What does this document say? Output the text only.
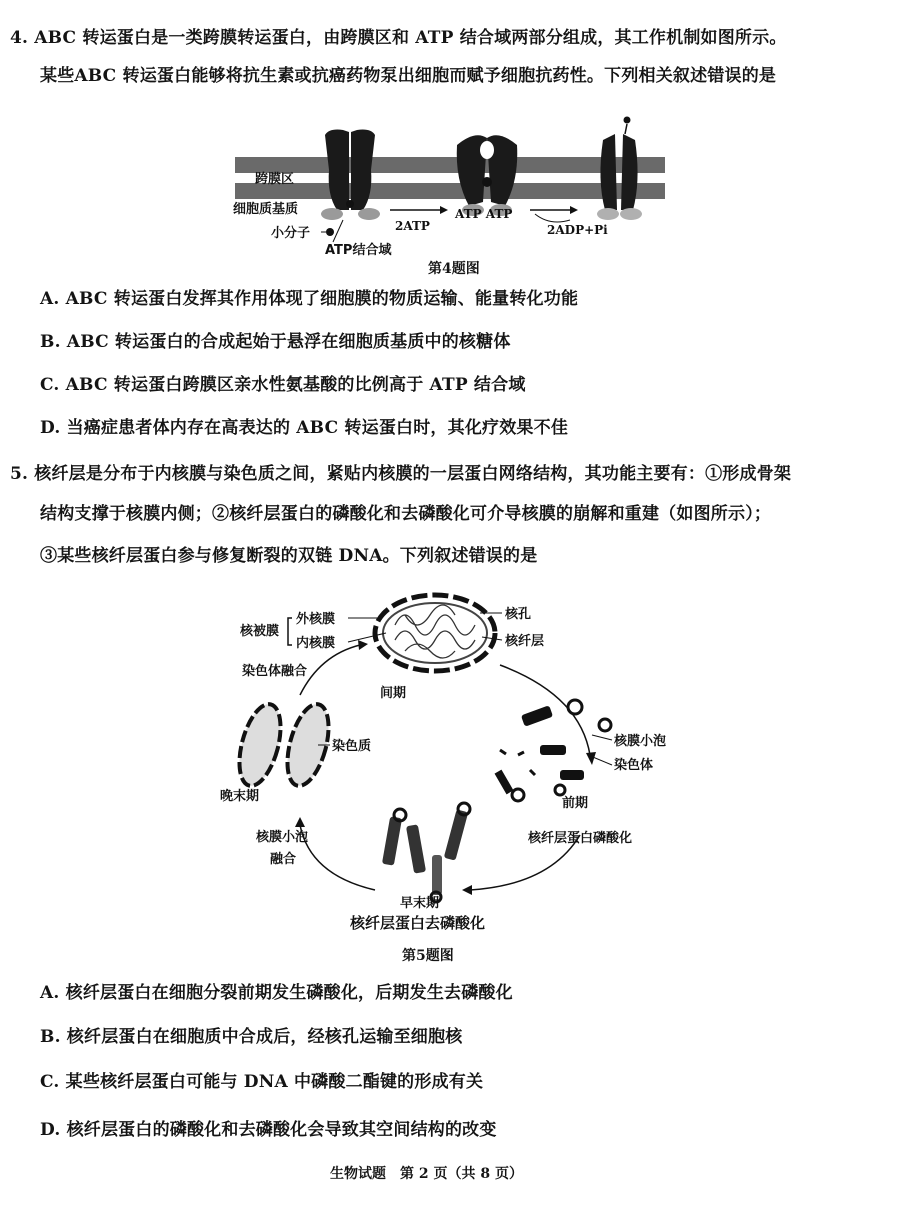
4. ABC 转运蛋白是一类跨膜转运蛋白，由跨膜区和 ATP 结合域两部分组成，其工作机制如图所示。
某些ABC 转运蛋白能够将抗生素或抗癌药物泵出细胞而赋予细胞抗药性。下列相关叙述错误的是
跨膜区
细胞质基质
小分子	2ATP
ATP ATP
2ADP+Pi
ATP结合域
第4题图
A. ABC 转运蛋白发挥其作用体现了细胞膜的物质运输、能量转化功能
B. ABC 转运蛋白的合成起始于悬浮在细胞质基质中的核糖体
C. ABC 转运蛋白跨膜区亲水性氨基酸的比例高于 ATP 结合域
D. 当癌症患者体内存在高表达的 ABC 转运蛋白时，其化疗效果不佳
5. 核纤层是分布于内核膜与染色质之间，紧贴内核膜的一层蛋白网络结构，其功能主要有：①形成骨架
结构支撑于核膜内侧；②核纤层蛋白的磷酸化和去磷酸化可介导核膜的崩解和重建（如图所示）；
③某些核纤层蛋白参与修复断裂的双链 DNA。下列叙述错误的是
间期
核被膜
外核膜
内核膜
核孔
核纤层
染色体融合
染色质
晚末期
核膜小泡
染色体
前期
核纤层蛋白磷酸化
核膜小泡
融合
早末期
核纤层蛋白去磷酸化
第5题图
A. 核纤层蛋白在细胞分裂前期发生磷酸化，后期发生去磷酸化
B. 核纤层蛋白在细胞质中合成后，经核孔运输至细胞核
C. 某些核纤层蛋白可能与 DNA 中磷酸二酯键的形成有关
D. 核纤层蛋白的磷酸化和去磷酸化会导致其空间结构的改变
生物试题　第 2 页（共 8 页）
